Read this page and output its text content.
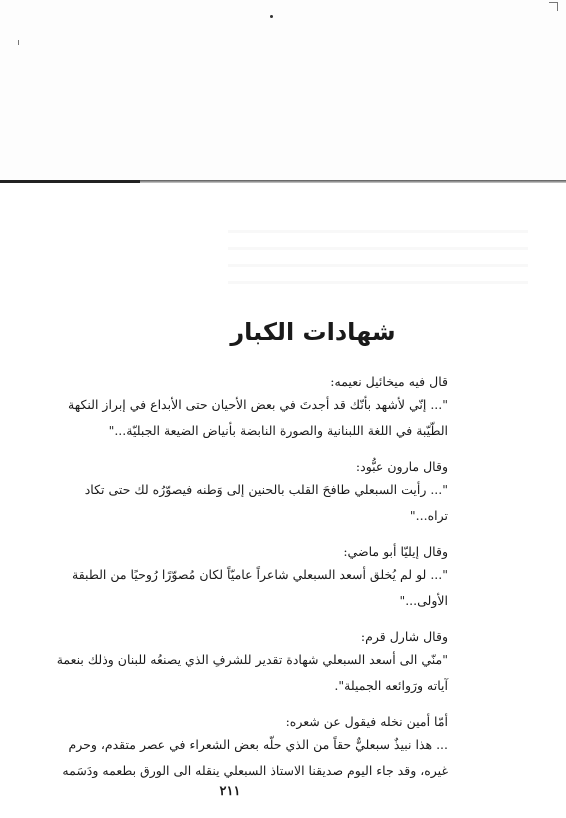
شهادات الكبار
قال فيه ميخائيل نعيمه:
"... إنّي لأشهد بأنّك قد أجدتَ في بعض الأحيان حتى الأبداع في إبراز النكهة الطّيّبة في اللغة اللبنانية والصورة النابضة بأنياض الضيعة الجبليّة..."
وقال مارون عبُّود:
"... رأيت السبعلي طافحَ القلب بالحنين إلى وَطنه فيصوّرُه لك حتى تكاد تراه..."
وقال إيليّا أبو ماضي:
"... لو لم يُخلق أسعد السبعلي شاعراً عاميّاً لكان مُصوّرًا رُوحيًا من الطبقة الأولى..."
وقال شارل قرم:
"منّي الى أسعد السبعلي شهادة تقدير للشرفِ الذي يصنعُه للبنان وذلك بنعمة آياته ورَوائعه الجميلة".
أمّا أمين نخله فيقول عن شعره:
... هذا نبيذٌ سبعليٌّ حقاً من الذي حلّه بعض الشعراء في عصر متقدم، وحرم غيره، وقد جاء اليوم صديقنا الاستاذ السبعلي ينقله الى الورق بطعمه ودَسَمه
٢١١
